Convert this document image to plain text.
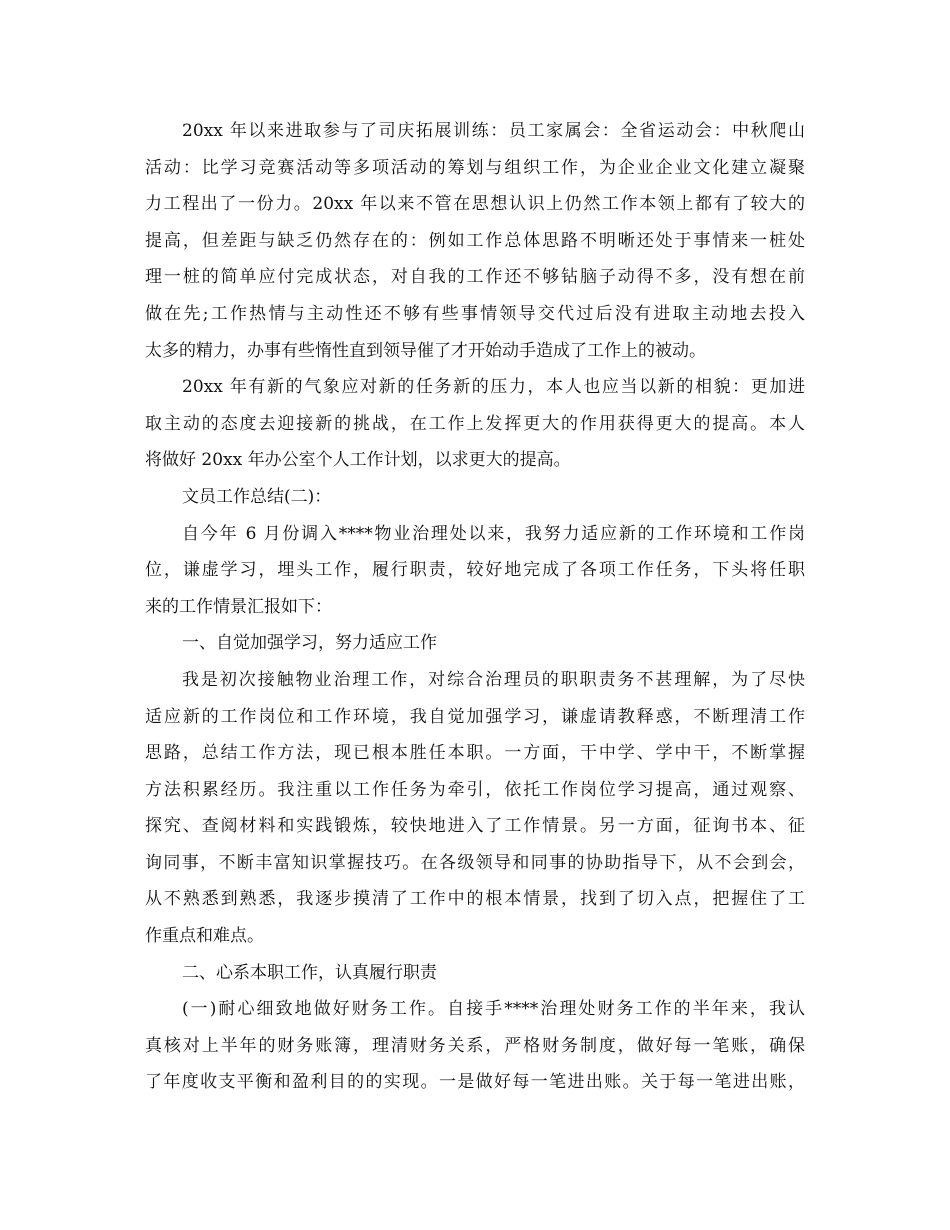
20xx 年以来进取参与了司庆拓展训练：员工家属会：全省运动会：中秋爬山
活动：比学习竞赛活动等多项活动的筹划与组织工作，为企业企业文化建立凝聚
力工程出了一份力。20xx 年以来不管在思想认识上仍然工作本领上都有了较大的
提高，但差距与缺乏仍然存在的：例如工作总体思路不明晰还处于事情来一桩处
理一桩的简单应付完成状态，对自我的工作还不够钻脑子动得不多，没有想在前
做在先;工作热情与主动性还不够有些事情领导交代过后没有进取主动地去投入
太多的精力，办事有些惰性直到领导催了才开始动手造成了工作上的被动。
20xx 年有新的气象应对新的任务新的压力，本人也应当以新的相貌：更加进
取主动的态度去迎接新的挑战，在工作上发挥更大的作用获得更大的提高。本人
将做好 20xx 年办公室个人工作计划，以求更大的提高。
文员工作总结(二)：
自今年 6 月份调入****物业治理处以来，我努力适应新的工作环境和工作岗
位，谦虚学习，埋头工作，履行职责，较好地完成了各项工作任务，下头将任职
来的工作情景汇报如下：
一、自觉加强学习，努力适应工作
我是初次接触物业治理工作，对综合治理员的职职责务不甚理解，为了尽快
适应新的工作岗位和工作环境，我自觉加强学习，谦虚请教释惑，不断理清工作
思路，总结工作方法，现已根本胜任本职。一方面，干中学、学中干，不断掌握
方法积累经历。我注重以工作任务为牵引，依托工作岗位学习提高，通过观察、
探究、查阅材料和实践锻炼，较快地进入了工作情景。另一方面，征询书本、征
询同事，不断丰富知识掌握技巧。在各级领导和同事的协助指导下，从不会到会，
从不熟悉到熟悉，我逐步摸清了工作中的根本情景，找到了切入点，把握住了工
作重点和难点。
二、心系本职工作，认真履行职责
(一)耐心细致地做好财务工作。自接手****治理处财务工作的半年来，我认
真核对上半年的财务账簿，理清财务关系，严格财务制度，做好每一笔账，确保
了年度收支平衡和盈利目的的实现。一是做好每一笔进出账。关于每一笔进出账，
